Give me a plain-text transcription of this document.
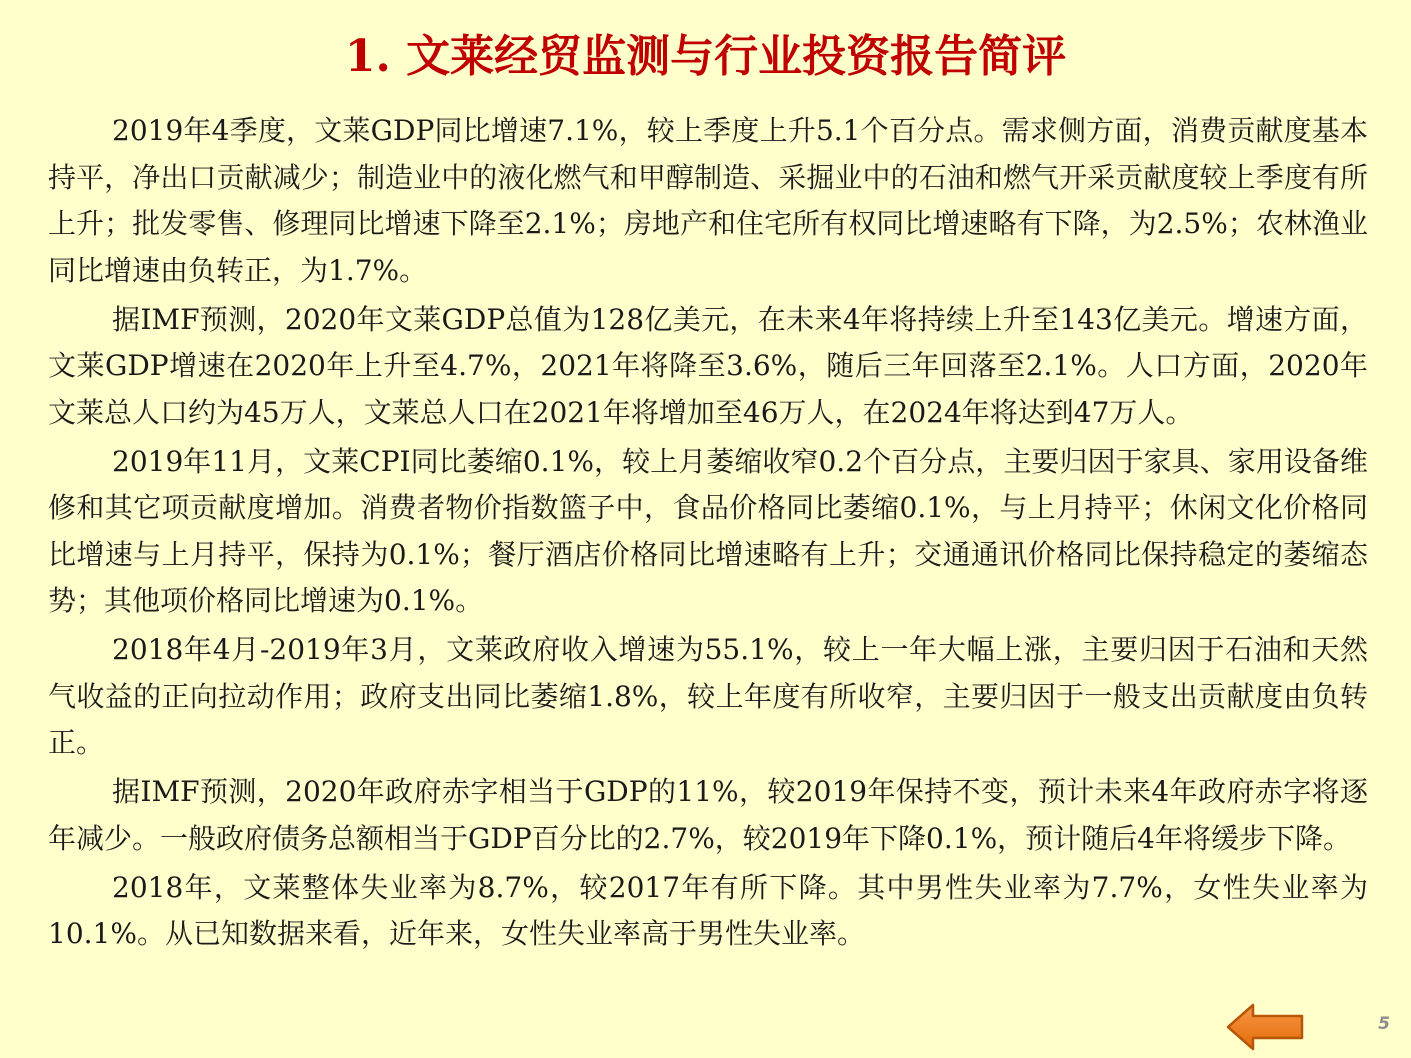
1. 文莱经贸监测与行业投资报告简评

2019年4季度，文莱GDP同比增速7.1%，较上季度上升5.1个百分点。需求侧方面，消费贡献度基本持平，净出口贡献减少；制造业中的液化燃气和甲醇制造、采掘业中的石油和燃气开采贡献度较上季度有所上升；批发零售、修理同比增速下降至2.1%；房地产和住宅所有权同比增速略有下降，为2.5%；农林渔业同比增速由负转正，为1.7%。

据IMF预测，2020年文莱GDP总值为128亿美元，在未来4年将持续上升至143亿美元。增速方面，文莱GDP增速在2020年上升至4.7%，2021年将降至3.6%，随后三年回落至2.1%。人口方面，2020年文莱总人口约为45万人，文莱总人口在2021年将增加至46万人，在2024年将达到47万人。

2019年11月，文莱CPI同比萎缩0.1%，较上月萎缩收窄0.2个百分点，主要归因于家具、家用设备维修和其它项贡献度增加。消费者物价指数篮子中，食品价格同比萎缩0.1%，与上月持平；休闲文化价格同比增速与上月持平，保持为0.1%；餐厅酒店价格同比增速略有上升；交通通讯价格同比保持稳定的萎缩态势；其他项价格同比增速为0.1%。

2018年4月-2019年3月，文莱政府收入增速为55.1%，较上一年大幅上涨，主要归因于石油和天然气收益的正向拉动作用；政府支出同比萎缩1.8%，较上年度有所收窄，主要归因于一般支出贡献度由负转正。

据IMF预测，2020年政府赤字相当于GDP的11%，较2019年保持不变，预计未来4年政府赤字将逐年减少。一般政府债务总额相当于GDP百分比的2.7%，较2019年下降0.1%，预计随后4年将缓步下降。

2018年，文莱整体失业率为8.7%，较2017年有所下降。其中男性失业率为7.7%，女性失业率为10.1%。从已知数据来看，近年来，女性失业率高于男性失业率。

5
